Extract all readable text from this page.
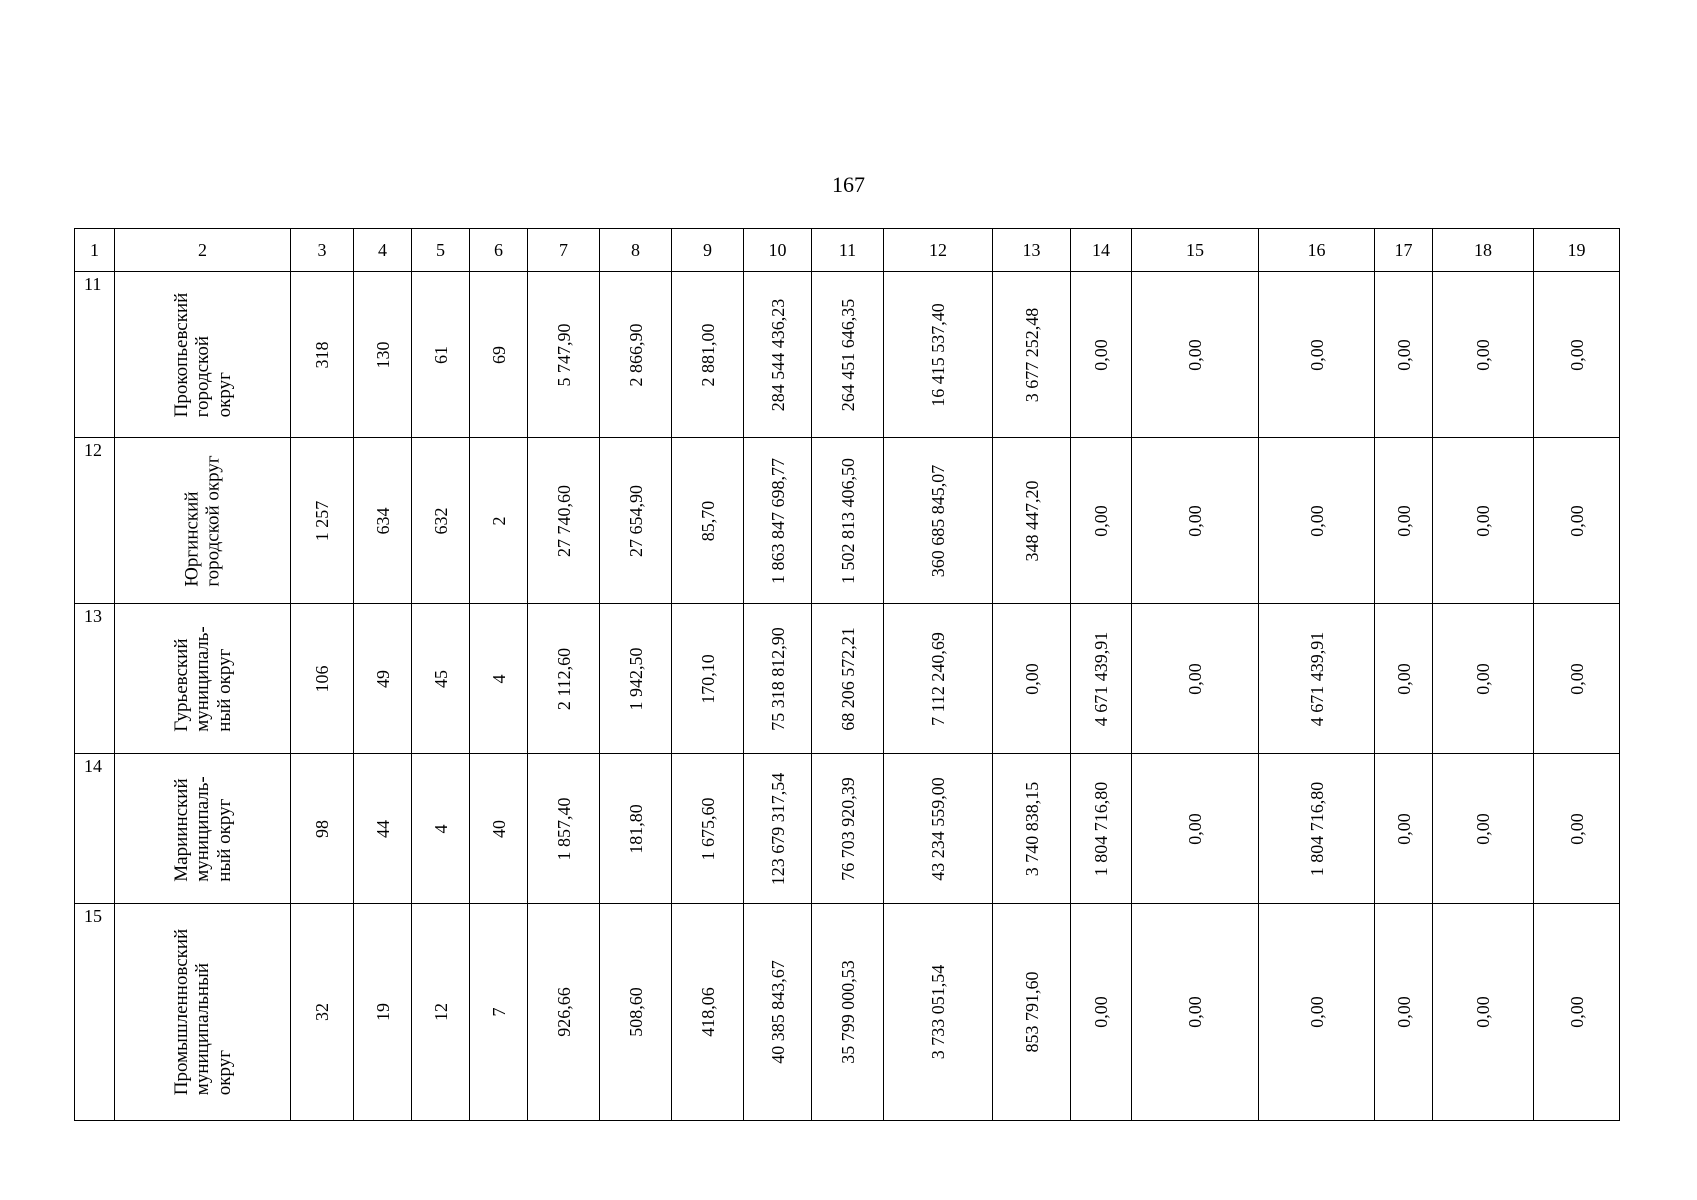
167
1	2	3	4	5	6	7	8	9	10	11	12	13	14	15	16	17	18	19

11	Прокопьевский городской округ	318	130	61	69	5 747,90	2 866,90	2 881,00	284 544 436,23	264 451 646,35	16 415 537,40	3 677 252,48	0,00	0,00	0,00	0,00	0,00	0,00

12	Юргинский городской округ	1 257	634	632	2	27 740,60	27 654,90	85,70	1 863 847 698,77	1 502 813 406,50	360 685 845,07	348 447,20	0,00	0,00	0,00	0,00	0,00	0,00

13	Гурьевский муниципаль- ный округ	106	49	45	4	2 112,60	1 942,50	170,10	75 318 812,90	68 206 572,21	7 112 240,69	0,00	4 671 439,91	0,00	4 671 439,91	0,00	0,00	0,00

14	Мариинский муниципаль- ный округ	98	44	4	40	1 857,40	181,80	1 675,60	123 679 317,54	76 703 920,39	43 234 559,00	3 740 838,15	1 804 716,80	0,00	1 804 716,80	0,00	0,00	0,00

15	Промышленновский муниципальный округ	32	19	12	7	926,66	508,60	418,06	40 385 843,67	35 799 000,53	3 733 051,54	853 791,60	0,00	0,00	0,00	0,00	0,00	0,00
